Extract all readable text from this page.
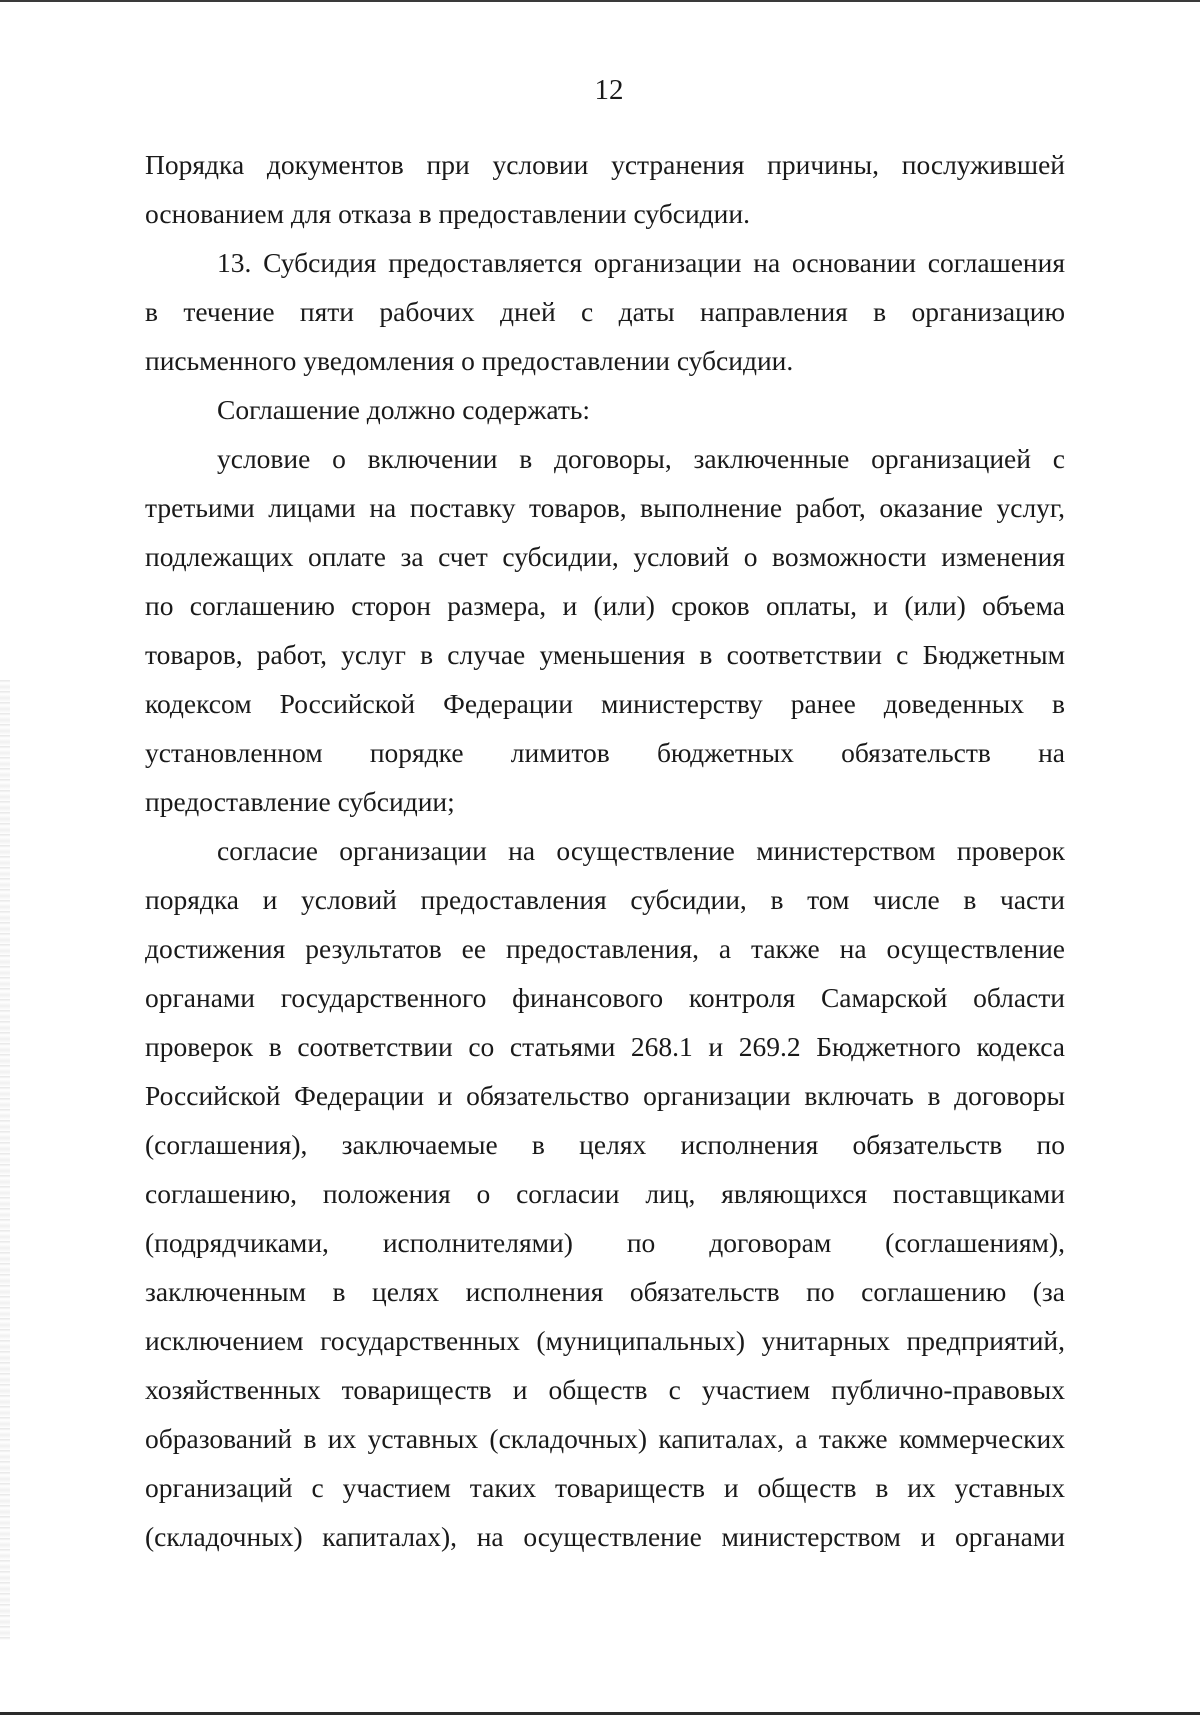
12
Порядка документов при условии устранения причины, послужившей
основанием для отказа в предоставлении субсидии.
13. Субсидия предоставляется организации на основании соглашения
в течение пяти рабочих дней с даты направления в организацию
письменного уведомления о предоставлении субсидии.
Соглашение должно содержать:
условие о включении в договоры, заключенные организацией с
третьими лицами на поставку товаров, выполнение работ, оказание услуг,
подлежащих оплате за счет субсидии, условий о возможности изменения
по соглашению сторон размера, и (или) сроков оплаты, и (или) объема
товаров, работ, услуг в случае уменьшения в соответствии с Бюджетным
кодексом Российской Федерации министерству ранее доведенных в
установленном порядке лимитов бюджетных обязательств на
предоставление субсидии;
согласие организации на осуществление министерством проверок
порядка и условий предоставления субсидии, в том числе в части
достижения результатов ее предоставления, а также на осуществление
органами государственного финансового контроля Самарской области
проверок в соответствии со статьями 268.1 и 269.2 Бюджетного кодекса
Российской Федерации и обязательство организации включать в договоры
(соглашения), заключаемые в целях исполнения обязательств по
соглашению, положения о согласии лиц, являющихся поставщиками
(подрядчиками, исполнителями) по договорам (соглашениям),
заключенным в целях исполнения обязательств по соглашению (за
исключением государственных (муниципальных) унитарных предприятий,
хозяйственных товариществ и обществ с участием публично-правовых
образований в их уставных (складочных) капиталах, а также коммерческих
организаций с участием таких товариществ и обществ в их уставных
(складочных) капиталах), на осуществление министерством и органами
